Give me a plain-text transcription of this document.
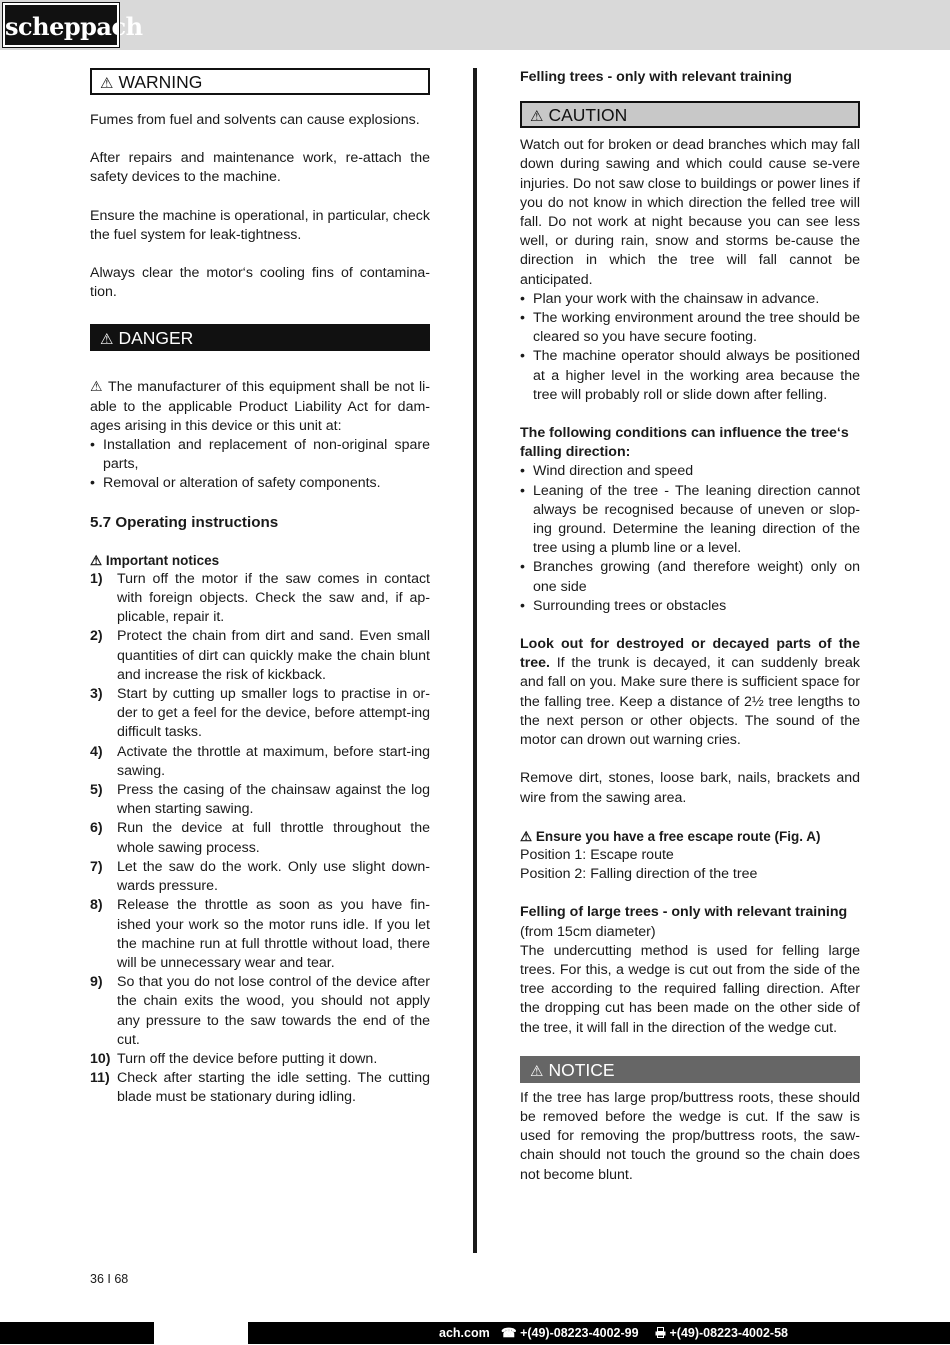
scheppach
⚠ WARNING

Fumes from fuel and solvents can cause explosions.

After repairs and maintenance work, re-attach the safety devices to the machine.

Ensure the machine is operational, in particular, check the fuel system for leak-tightness.

Always clear the motor‘s cooling fins of contamina-tion.

⚠ DANGER

⚠ The manufacturer of this equipment shall be not li-able to the applicable Product Liability Act for dam-ages arising in this device or this unit at:

• Installation and replacement of non-original spare parts,
• Removal or alteration of safety components.

5.7 Operating instructions

⚠ Important notices

1) Turn off the motor if the saw comes in contact with foreign objects. Check the saw and, if ap-plicable, repair it.
2) Protect the chain from dirt and sand. Even small quantities of dirt can quickly make the chain blunt and increase the risk of kickback.
3) Start by cutting up smaller logs to practise in or-der to get a feel for the device, before attempt-ing difficult tasks.
4) Activate the throttle at maximum, before start-ing sawing.
5) Press the casing of the chainsaw against the log when starting sawing.
6) Run the device at full throttle throughout the whole sawing process.
7) Let the saw do the work. Only use slight down-wards pressure.
8) Release the throttle as soon as you have fin-ished your work so the motor runs idle. If you let the machine run at full throttle without load, there will be unnecessary wear and tear.
9) So that you do not lose control of the device after the chain exits the wood, you should not apply any pressure to the saw towards the end of the cut.
10) Turn off the device before putting it down.
11) Check after starting the idle setting. The cutting blade must be stationary during idling.

Felling trees - only with relevant training

⚠ CAUTION

Watch out for broken or dead branches which may fall down during sawing and which could cause se-vere injuries. Do not saw close to buildings or power lines if you do not know in which direction the felled tree will fall. Do not work at night because you can see less well, or during rain, snow and storms be-cause the direction in which the tree will fall cannot be anticipated.

• Plan your work with the chainsaw in advance.
• The working environment around the tree should be cleared so you have secure footing.
• The machine operator should always be positioned at a higher level in the working area because the tree will probably roll or slide down after felling.

The following conditions can influence the tree‘s falling direction:

• Wind direction and speed
• Leaning of the tree - The leaning direction cannot always be recognised because of uneven or slop-ing ground. Determine the leaning direction of the tree using a plumb line or a level.
• Branches growing (and therefore weight) only on one side
• Surrounding trees or obstacles

Look out for destroyed or decayed parts of the tree. If the trunk is decayed, it can suddenly break and fall on you. Make sure there is sufficient space for the falling tree. Keep a distance of 2½ tree lengths to the next person or other objects. The sound of the motor can drown out warning cries.

Remove dirt, stones, loose bark, nails, brackets and wire from the sawing area.

⚠ Ensure you have a free escape route (Fig. A)

Position 1: Escape route

Position 2: Falling direction of the tree

Felling of large trees - only with relevant training

(from 15cm diameter)

The undercutting method is used for felling large trees. For this, a wedge is cut out from the side of the tree according to the required falling direction. After the dropping cut has been made on the other side of the tree, it will fall in the direction of the wedge cut.

⚠ NOTICE

If the tree has large prop/buttress roots, these should be removed before the wedge is cut. If the saw is used for removing the prop/buttress roots, the saw-chain should not touch the ground so the chain does not become blunt.

36 I 68
ach.com ☎ +(49)-08223-4002-99	+(49)-08223-4002-58
